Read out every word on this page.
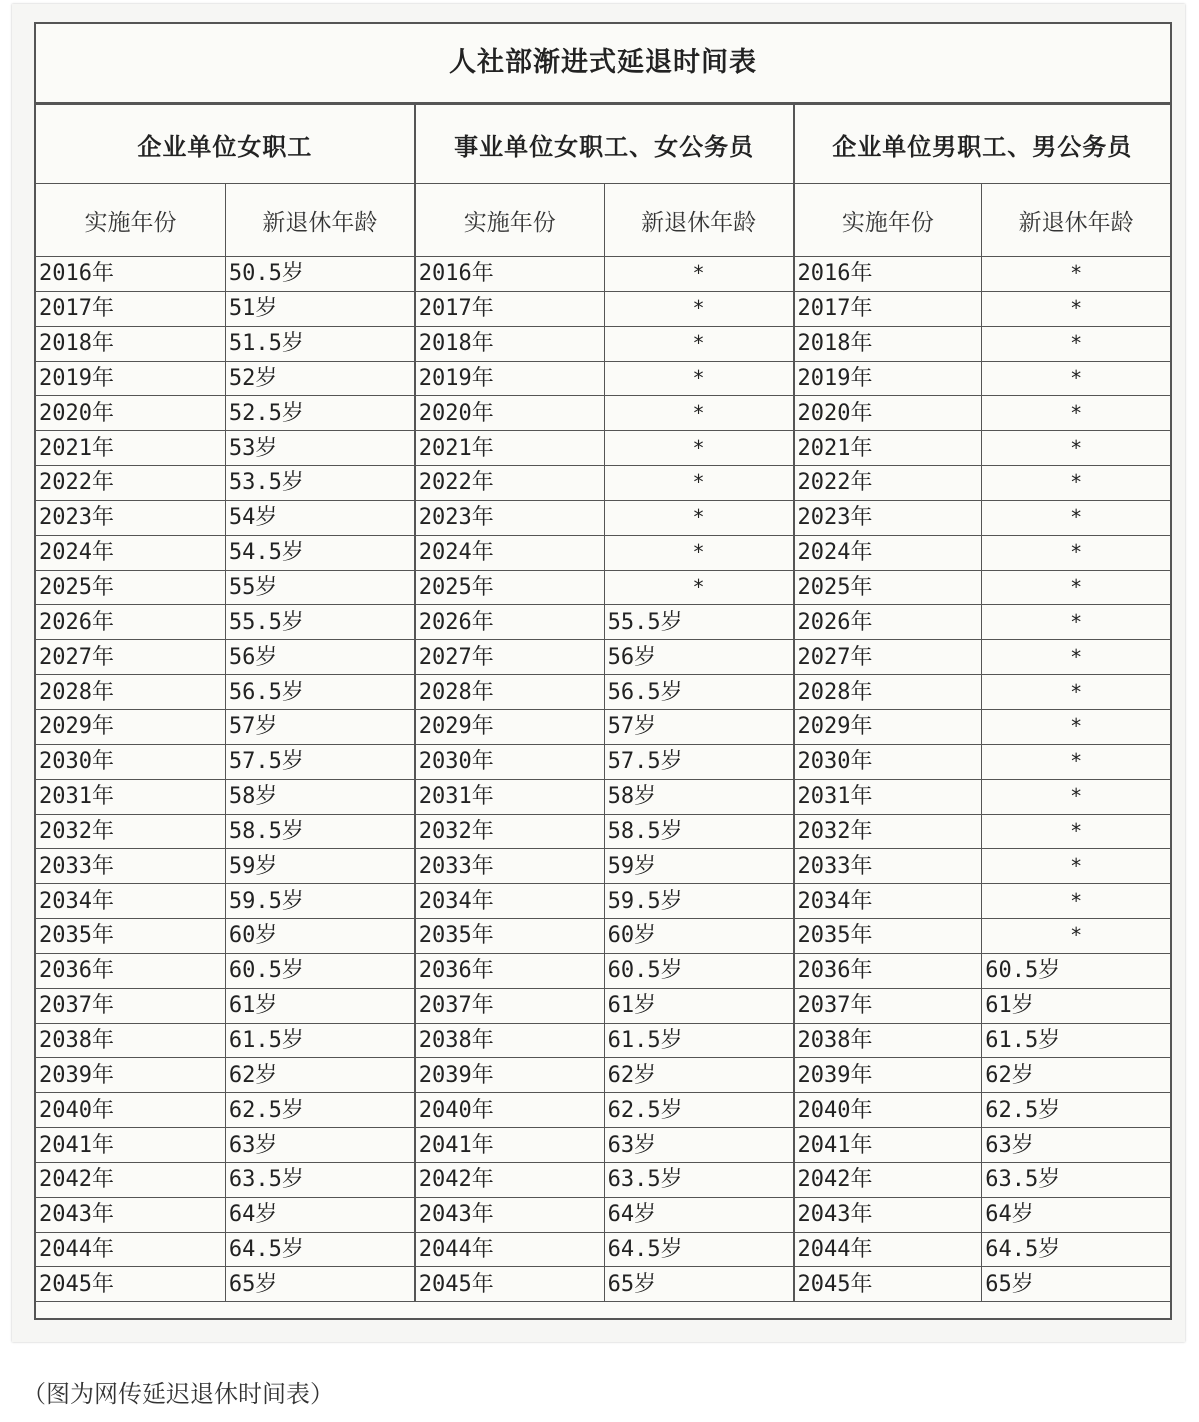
人社部渐进式延退时间表
企业单位女职工		事业单位女职工、女公务员		企业单位男职工、男公务员	
实施年份	新退休年龄	实施年份	新退休年龄	实施年份	新退休年龄
2016年	50.5岁	2016年	*	2016年	*
2017年	51岁	2017年	*	2017年	*
2018年	51.5岁	2018年	*	2018年	*
2019年	52岁	2019年	*	2019年	*
2020年	52.5岁	2020年	*	2020年	*
2021年	53岁	2021年	*	2021年	*
2022年	53.5岁	2022年	*	2022年	*
2023年	54岁	2023年	*	2023年	*
2024年	54.5岁	2024年	*	2024年	*
2025年	55岁	2025年	*	2025年	*
2026年	55.5岁	2026年	55.5岁	2026年	*
2027年	56岁	2027年	56岁	2027年	*
2028年	56.5岁	2028年	56.5岁	2028年	*
2029年	57岁	2029年	57岁	2029年	*
2030年	57.5岁	2030年	57.5岁	2030年	*
2031年	58岁	2031年	58岁	2031年	*
2032年	58.5岁	2032年	58.5岁	2032年	*
2033年	59岁	2033年	59岁	2033年	*
2034年	59.5岁	2034年	59.5岁	2034年	*
2035年	60岁	2035年	60岁	2035年	*
2036年	60.5岁	2036年	60.5岁	2036年	60.5岁
2037年	61岁	2037年	61岁	2037年	61岁
2038年	61.5岁	2038年	61.5岁	2038年	61.5岁
2039年	62岁	2039年	62岁	2039年	62岁
2040年	62.5岁	2040年	62.5岁	2040年	62.5岁
2041年	63岁	2041年	63岁	2041年	63岁
2042年	63.5岁	2042年	63.5岁	2042年	63.5岁
2043年	64岁	2043年	64岁	2043年	64岁
2044年	64.5岁	2044年	64.5岁	2044年	64.5岁
2045年	65岁	2045年	65岁	2045年	65岁
（图为网传延迟退休时间表）
